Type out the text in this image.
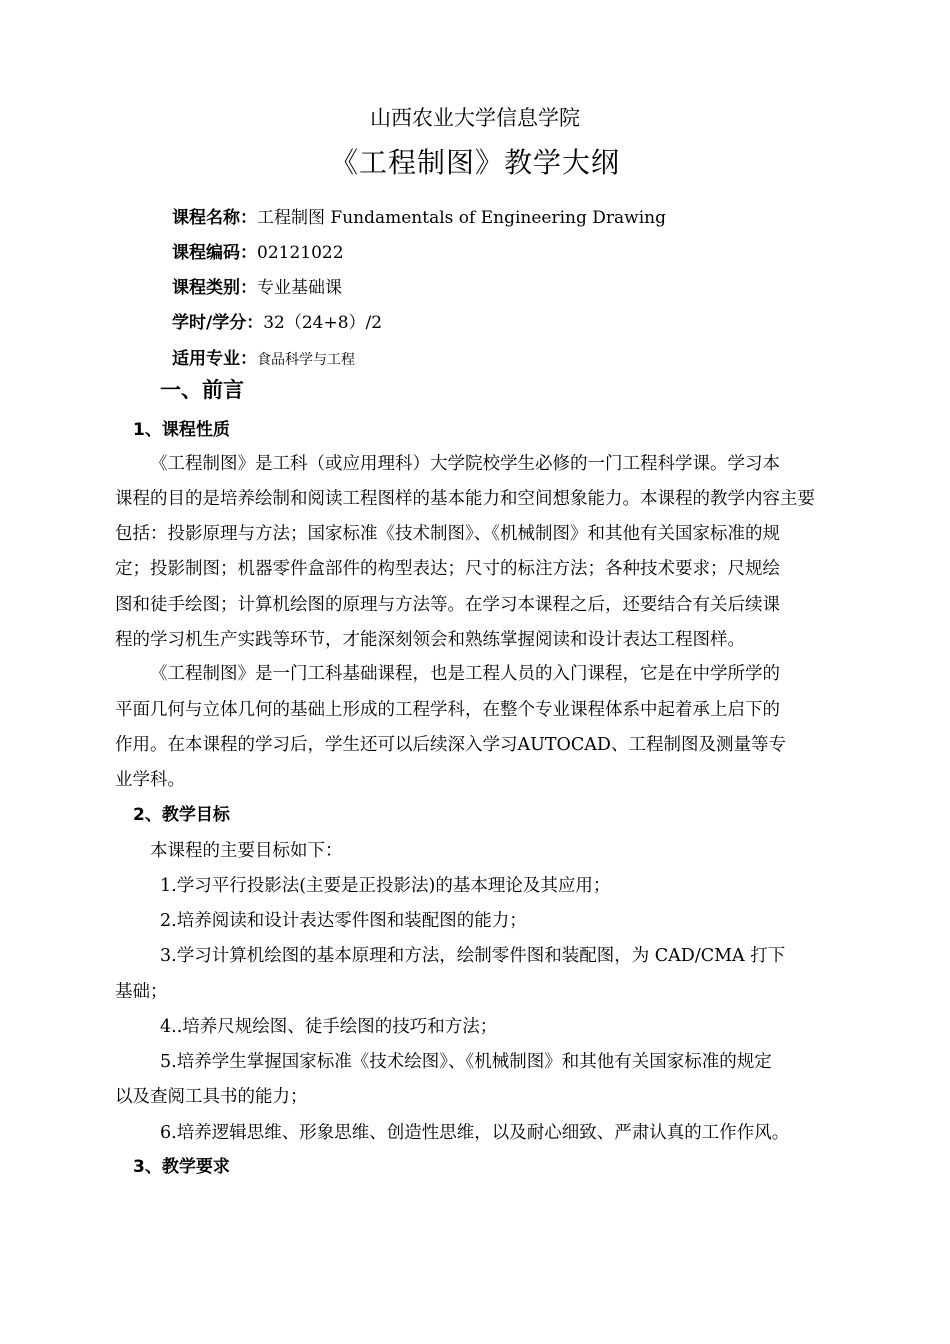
山西农业大学信息学院
《工程制图》教学大纲
课程名称：工程制图 Fundamentals of Engineering Drawing
课程编码：02121022
课程类别：专业基础课
学时/学分：32（24+8）/2
适用专业：食品科学与工程
一、前言
1、课程性质
《工程制图》是工科（或应用理科）大学院校学生必修的一门工程科学课。学习本
课程的目的是培养绘制和阅读工程图样的基本能力和空间想象能力。本课程的教学内容主要
包括：投影原理与方法；国家标准《技术制图》、《机械制图》和其他有关国家标准的规
定；投影制图；机器零件盒部件的构型表达；尺寸的标注方法；各种技术要求；尺规绘
图和徒手绘图；计算机绘图的原理与方法等。在学习本课程之后，还要结合有关后续课
程的学习机生产实践等环节，才能深刻领会和熟练掌握阅读和设计表达工程图样。
《工程制图》是一门工科基础课程，也是工程人员的入门课程，它是在中学所学的
平面几何与立体几何的基础上形成的工程学科，在整个专业课程体系中起着承上启下的
作用。在本课程的学习后，学生还可以后续深入学习AUTOCAD、工程制图及测量等专
业学科。
2、教学目标
本课程的主要目标如下：
1.学习平行投影法(主要是正投影法)的基本理论及其应用；
2.培养阅读和设计表达零件图和装配图的能力；
3.学习计算机绘图的基本原理和方法，绘制零件图和装配图，为 CAD/CMA 打下
基础；
4..培养尺规绘图、徒手绘图的技巧和方法；
5.培养学生掌握国家标准《技术绘图》、《机械制图》和其他有关国家标准的规定
以及查阅工具书的能力；
6.培养逻辑思维、形象思维、创造性思维，以及耐心细致、严肃认真的工作作风。
3、教学要求
